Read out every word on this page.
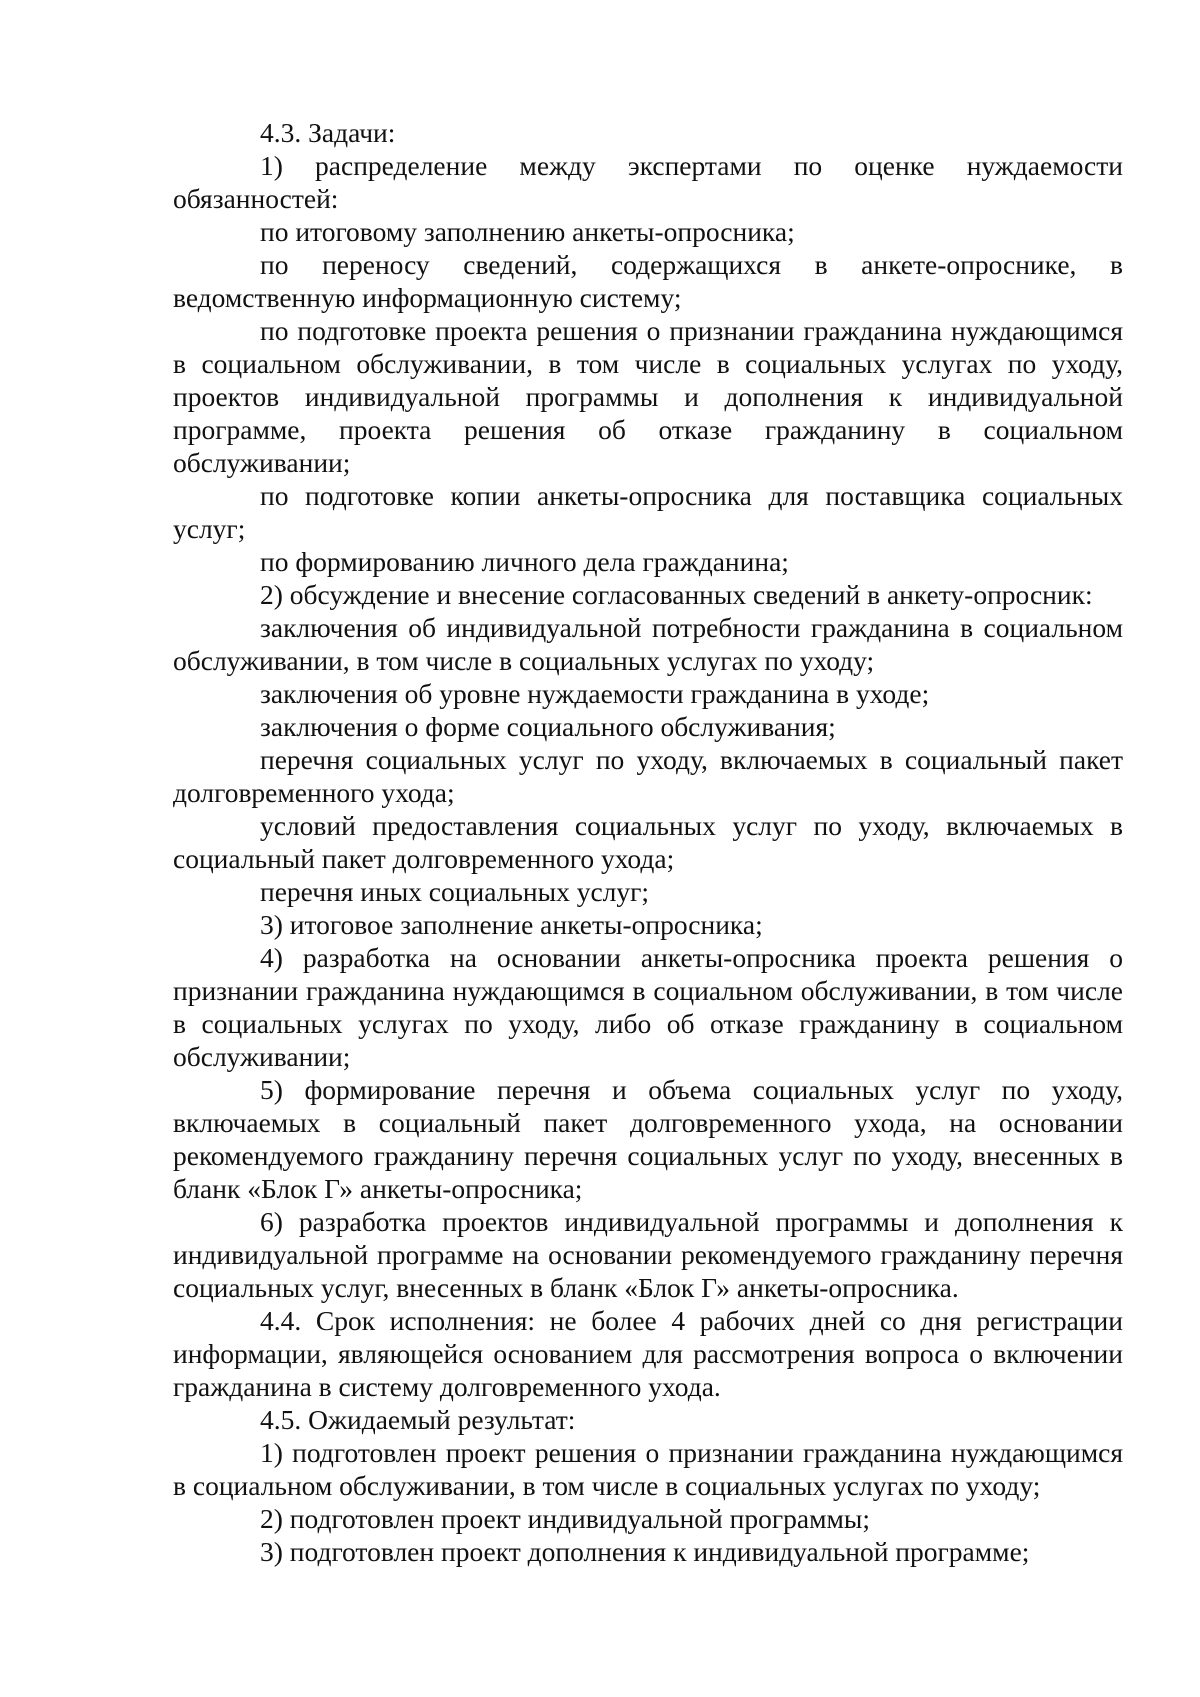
4.3. Задачи:

1) распределение между экспертами по оценке нуждаемости обязанностей:

по итоговому заполнению анкеты-опросника;

по переносу сведений, содержащихся в анкете-опроснике, в ведомственную информационную систему;

по подготовке проекта решения о признании гражданина нуждающимся в социальном обслуживании, в том числе в социальных услугах по уходу, проектов индивидуальной программы и дополнения к индивидуальной программе, проекта решения об отказе гражданину в социальном обслуживании;

по подготовке копии анкеты-опросника для поставщика социальных услуг;

по формированию личного дела гражданина;

2) обсуждение и внесение согласованных сведений в анкету-опросник:

заключения об индивидуальной потребности гражданина в социальном обслуживании, в том числе в социальных услугах по уходу;

заключения об уровне нуждаемости гражданина в уходе;

заключения о форме социального обслуживания;

перечня социальных услуг по уходу, включаемых в социальный пакет долговременного ухода;

условий предоставления социальных услуг по уходу, включаемых в социальный пакет долговременного ухода;

перечня иных социальных услуг;

3) итоговое заполнение анкеты-опросника;

4) разработка на основании анкеты-опросника проекта решения о признании гражданина нуждающимся в социальном обслуживании, в том числе в социальных услугах по уходу, либо об отказе гражданину в социальном обслуживании;

5) формирование перечня и объема социальных услуг по уходу, включаемых в социальный пакет долговременного ухода, на основании рекомендуемого гражданину перечня социальных услуг по уходу, внесенных в бланк «Блок Г» анкеты-опросника;

6) разработка проектов индивидуальной программы и дополнения к индивидуальной программе на основании рекомендуемого гражданину перечня социальных услуг, внесенных в бланк «Блок Г» анкеты-опросника.

4.4. Срок исполнения: не более 4 рабочих дней со дня регистрации информации, являющейся основанием для рассмотрения вопроса о включении гражданина в систему долговременного ухода.

4.5. Ожидаемый результат:

1) подготовлен проект решения о признании гражданина нуждающимся в социальном обслуживании, в том числе в социальных услугах по уходу;

2) подготовлен проект индивидуальной программы;

3) подготовлен проект дополнения к индивидуальной программе;
